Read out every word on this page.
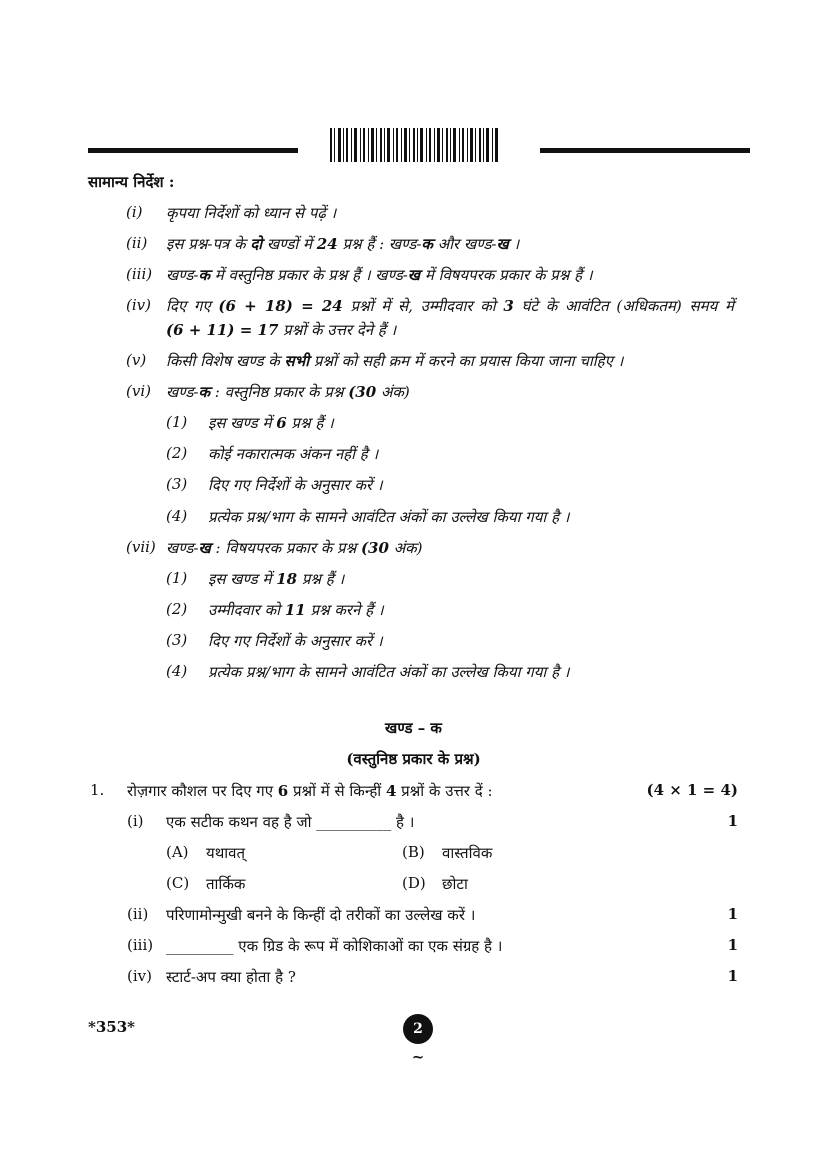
सामान्य निर्देश :
(i) कृपया निर्देशों को ध्यान से पढ़ें ।
(ii) इस प्रश्न-पत्र के दो खण्डों में 24 प्रश्न हैं : खण्ड-क और खण्ड-ख ।
(iii) खण्ड-क में वस्तुनिष्ठ प्रकार के प्रश्न हैं । खण्ड-ख में विषयपरक प्रकार के प्रश्न हैं ।
(iv) दिए गए (6 + 18) = 24 प्रश्नों में से, उम्मीदवार को 3 घंटे के आवंटित (अधिकतम) समय में
(6 + 11) = 17 प्रश्नों के उत्तर देने हैं ।
(v) किसी विशेष खण्ड के सभी प्रश्नों को सही क्रम में करने का प्रयास किया जाना चाहिए ।
(vi) खण्ड-क : वस्तुनिष्ठ प्रकार के प्रश्न (30 अंक)
(1) इस खण्ड में 6 प्रश्न हैं ।
(2) कोई नकारात्मक अंकन नहीं है ।
(3) दिए गए निर्देशों के अनुसार करें ।
(4) प्रत्येक प्रश्न/भाग के सामने आवंटित अंकों का उल्लेख किया गया है ।
(vii) खण्ड-ख : विषयपरक प्रकार के प्रश्न (30 अंक)
(1) इस खण्ड में 18 प्रश्न हैं ।
(2) उम्मीदवार को 11 प्रश्न करने हैं ।
(3) दिए गए निर्देशों के अनुसार करें ।
(4) प्रत्येक प्रश्न/भाग के सामने आवंटित अंकों का उल्लेख किया गया है ।
खण्ड – क
(वस्तुनिष्ठ प्रकार के प्रश्न)
1. रोज़गार कौशल पर दिए गए 6 प्रश्नों में से किन्हीं 4 प्रश्नों के उत्तर दें :	(4 × 1 = 4)
(i) एक सटीक कथन वह है जो __________ है ।	1
(A) यथावत्	(B) वास्तविक
(C) तार्किक	(D) छोटा
(ii) परिणामोन्मुखी बनने के किन्हीं दो तरीकों का उल्लेख करें ।	1
(iii) _________ एक ग्रिड के रूप में कोशिकाओं का एक संग्रह है ।	1
(iv) स्टार्ट-अप क्या होता है ?	1
*353*	2
~
